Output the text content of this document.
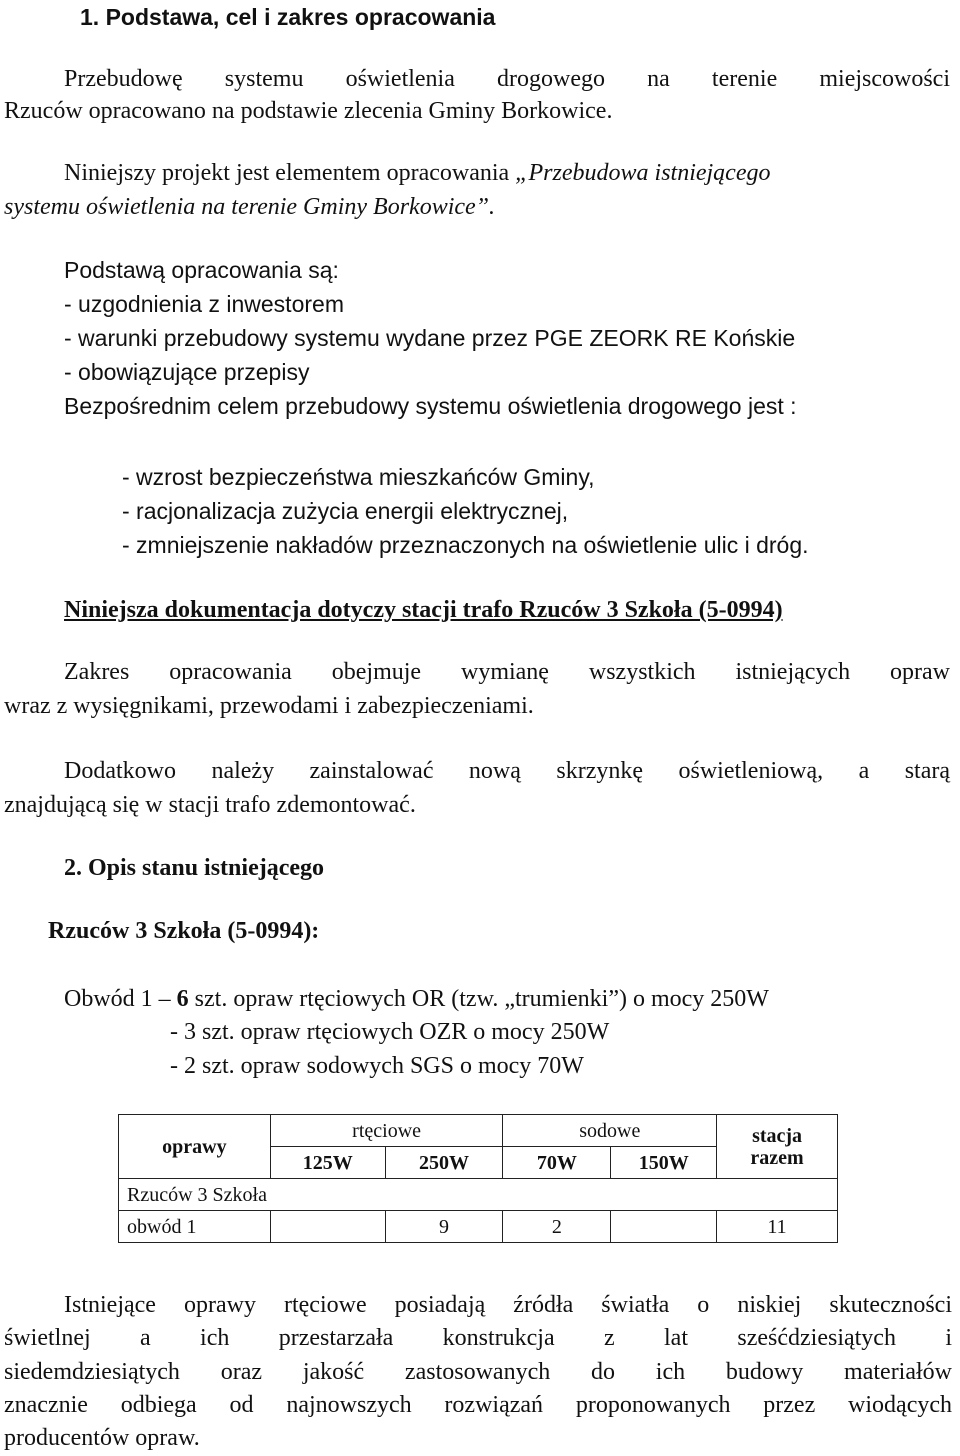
1. Podstawa, cel i zakres opracowania
Przebudowę systemu oświetlenia drogowego na terenie miejscowości
Rzuców opracowano na podstawie zlecenia Gminy Borkowice.
Niniejszy projekt jest elementem opracowania „Przebudowa istniejącego
systemu oświetlenia na terenie Gminy Borkowice”.
Podstawą opracowania są:
- uzgodnienia z inwestorem
- warunki przebudowy systemu wydane przez PGE ZEORK RE Końskie
- obowiązujące przepisy
Bezpośrednim celem przebudowy systemu oświetlenia drogowego jest :
- wzrost bezpieczeństwa mieszkańców Gminy,
- racjonalizacja zużycia energii elektrycznej,
- zmniejszenie nakładów przeznaczonych na oświetlenie ulic i dróg.
Niniejsza dokumentacja dotyczy stacji trafo Rzuców 3 Szkoła (5-0994)
Zakres opracowania obejmuje wymianę wszystkich istniejących opraw
wraz z wysięgnikami, przewodami i zabezpieczeniami.
Dodatkowo należy zainstalować nową skrzynkę oświetleniową, a starą
znajdującą się w stacji trafo zdemontować.
2. Opis stanu istniejącego
Rzuców 3 Szkoła (5-0994):
Obwód 1 – 6 szt. opraw rtęciowych OR (tzw. „trumienki”) o mocy 250W
- 3 szt. opraw rtęciowych OZR o mocy 250W
- 2 szt. opraw sodowych SGS o mocy 70W
oprawy	rtęciowe		sodowe		stacja
razem

	125W	250W	70W	150W	
Rzuców 3 Szkoła					
obwód 1		9	2		11
Istniejące oprawy rtęciowe posiadają źródła światła o niskiej skuteczności
świetlnej a ich przestarzała konstrukcja z lat sześćdziesiątych i
siedemdziesiątych oraz jakość zastosowanych do ich budowy materiałów
znacznie odbiega od najnowszych rozwiązań proponowanych przez wiodących
producentów opraw.
